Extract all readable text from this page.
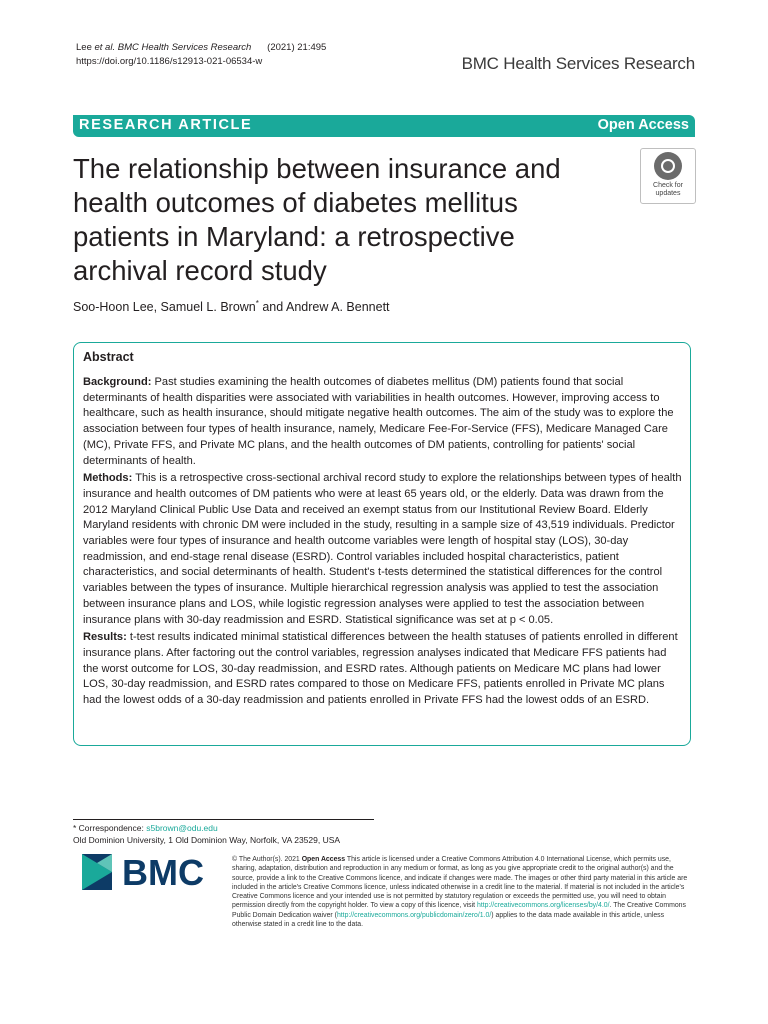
Lee et al. BMC Health Services Research (2021) 21:495
https://doi.org/10.1186/s12913-021-06534-w	BMC Health Services Research
RESEARCH ARTICLE	Open Access
The relationship between insurance and health outcomes of diabetes mellitus patients in Maryland: a retrospective archival record study
Check for
updates
Soo-Hoon Lee, Samuel L. Brown* and Andrew A. Bennett
Abstract

Background: Past studies examining the health outcomes of diabetes mellitus (DM) patients found that social determinants of health disparities were associated with variabilities in health outcomes. However, improving access to healthcare, such as health insurance, should mitigate negative health outcomes. The aim of the study was to explore the association between four types of health insurance, namely, Medicare Fee-For-Service (FFS), Medicare Managed Care (MC), Private FFS, and Private MC plans, and the health outcomes of DM patients, controlling for patients' social determinants of health.

Methods: This is a retrospective cross-sectional archival record study to explore the relationships between types of health insurance and health outcomes of DM patients who were at least 65 years old, or the elderly. Data was drawn from the 2012 Maryland Clinical Public Use Data and received an exempt status from our Institutional Review Board. Elderly Maryland residents with chronic DM were included in the study, resulting in a sample size of 43,519 individuals. Predictor variables were four types of insurance and health outcome variables were length of hospital stay (LOS), 30-day readmission, and end-stage renal disease (ESRD). Control variables included hospital characteristics, patient characteristics, and social determinants of health. Student's t-tests determined the statistical differences for the control variables between the types of insurance. Multiple hierarchical regression analysis was applied to test the association between insurance plans and LOS, while logistic regression analyses were applied to test the association between insurance plans with 30-day readmission and ESRD. Statistical significance was set at p < 0.05.

Results: t-test results indicated minimal statistical differences between the health statuses of patients enrolled in different insurance plans. After factoring out the control variables, regression analyses indicated that Medicare FFS patients had the worst outcome for LOS, 30-day readmission, and ESRD rates. Although patients on Medicare MC plans had lower LOS, 30-day readmission, and ESRD rates compared to those on Medicare FFS, patients enrolled in Private MC plans had the lowest odds of a 30-day readmission and patients enrolled in Private FFS had the lowest odds of an ESRD.

* Correspondence: s5brown@odu.edu
Old Dominion University, 1 Old Dominion Way, Norfolk, VA 23529, USA
BMC	© The Author(s). 2021 Open Access This article is licensed under a Creative Commons Attribution 4.0 International License, which permits use, sharing, adaptation, distribution and reproduction in any medium or format, as long as you give appropriate credit to the original author(s) and the source, provide a link to the Creative Commons licence, and indicate if changes were made. The images or other third party material in this article are included in the article's Creative Commons licence, unless indicated otherwise in a credit line to the material. If material is not included in the article's Creative Commons licence and your intended use is not permitted by statutory regulation or exceeds the permitted use, you will need to obtain permission directly from the copyright holder. To view a copy of this licence, visit http://creativecommons.org/licenses/by/4.0/. The Creative Commons Public Domain Dedication waiver (http://creativecommons.org/publicdomain/zero/1.0/) applies to the data made available in this article, unless otherwise stated in a credit line to the data.
